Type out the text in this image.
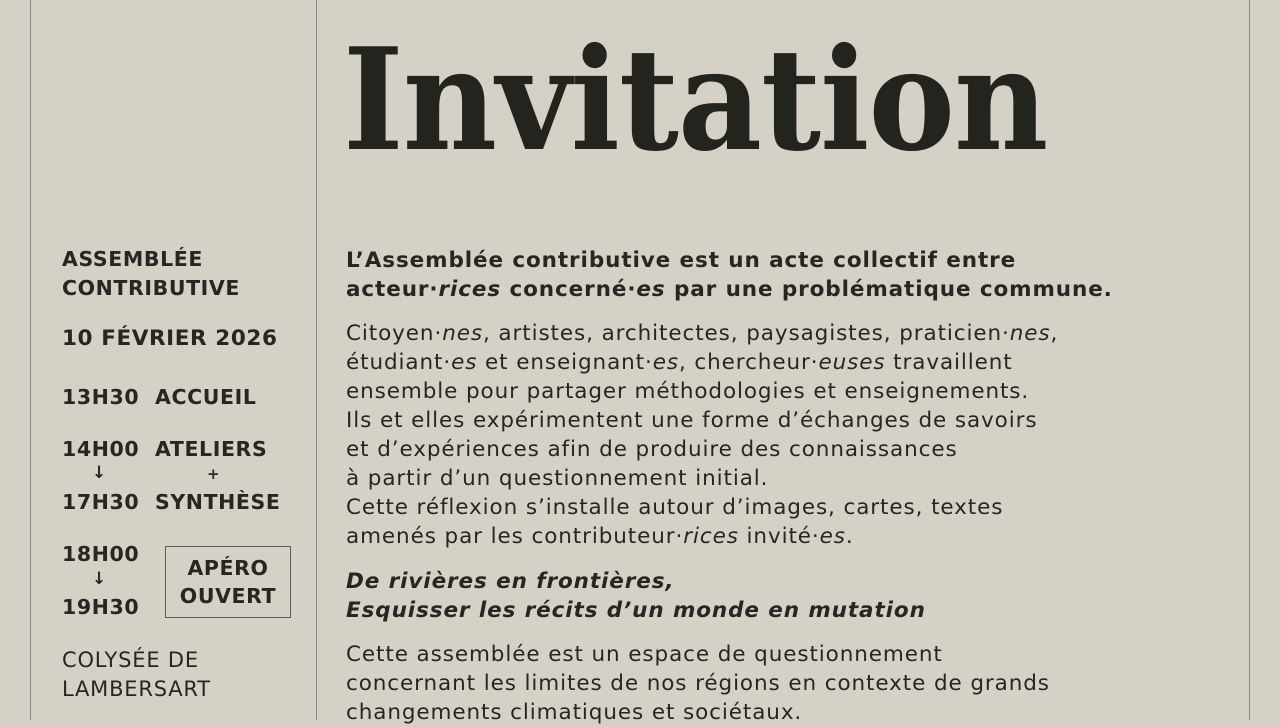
Invitation
ASSEMBLÉE
CONTRIBUTIVE
10 FÉVRIER 2026
13H30 ACCUEIL
14H00
↓
17H30
ATELIERS
+
SYNTHÈSE
18H00
↓
19H30
APÉRO
OUVERT
COLYSÉE DE
LAMBERSART
L’Assemblée contributive est un acte collectif entre
acteur·rices concerné·es par une problématique commune.
Citoyen·nes, artistes, architectes, paysagistes, praticien·nes,
étudiant·es et enseignant·es, chercheur·euses travaillent
ensemble pour partager méthodologies et enseignements.
Ils et elles expérimentent une forme d’échanges de savoirs
et d’expériences afin de produire des connaissances
à partir d’un questionnement initial.
Cette réflexion s’installe autour d’images, cartes, textes
amenés par les contributeur·rices invité·es.
De rivières en frontières,
Esquisser les récits d’un monde en mutation
Cette assemblée est un espace de questionnement
concernant les limites de nos régions en contexte de grands
changements climatiques et sociétaux.
